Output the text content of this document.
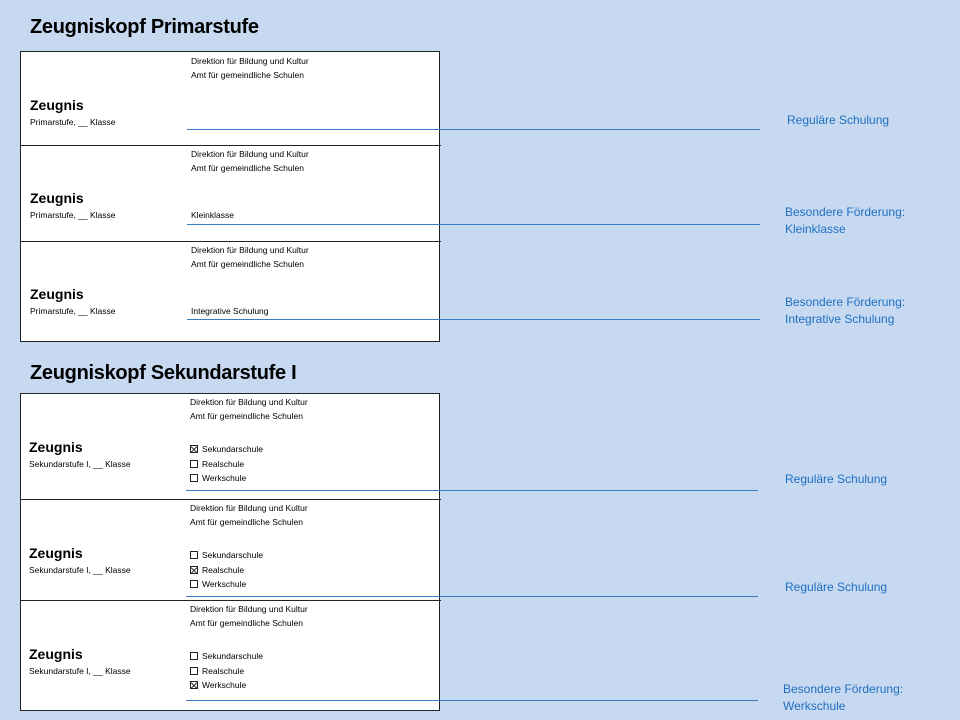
Zeugniskopf Primarstufe
Zeugniskopf Sekundarstufe I
Direktion für Bildung und Kultur
Amt für gemeindliche Schulen
Zeugnis
Primarstufe, __ Klasse
Direktion für Bildung und Kultur
Amt für gemeindliche Schulen
Zeugnis
Primarstufe, __ Klasse	Kleinklasse
Direktion für Bildung und Kultur
Amt für gemeindliche Schulen
Zeugnis
Primarstufe, __ Klasse	Integrative Schulung
Reguläre Schulung
Besondere Förderung:
Kleinklasse
Besondere Förderung:
Integrative Schulung
Direktion für Bildung und Kultur
Amt für gemeindliche Schulen
Zeugnis
Sekundarstufe I, __ Klasse
Sekundarschule
Realschule
Werkschule
Direktion für Bildung und Kultur
Amt für gemeindliche Schulen
Zeugnis
Sekundarstufe I, __ Klasse
Sekundarschule
Realschule
Werkschule
Direktion für Bildung und Kultur
Amt für gemeindliche Schulen
Zeugnis
Sekundarstufe I, __ Klasse
Sekundarschule
Realschule
Werkschule
Reguläre Schulung
Reguläre Schulung
Besondere Förderung:
Werkschule
